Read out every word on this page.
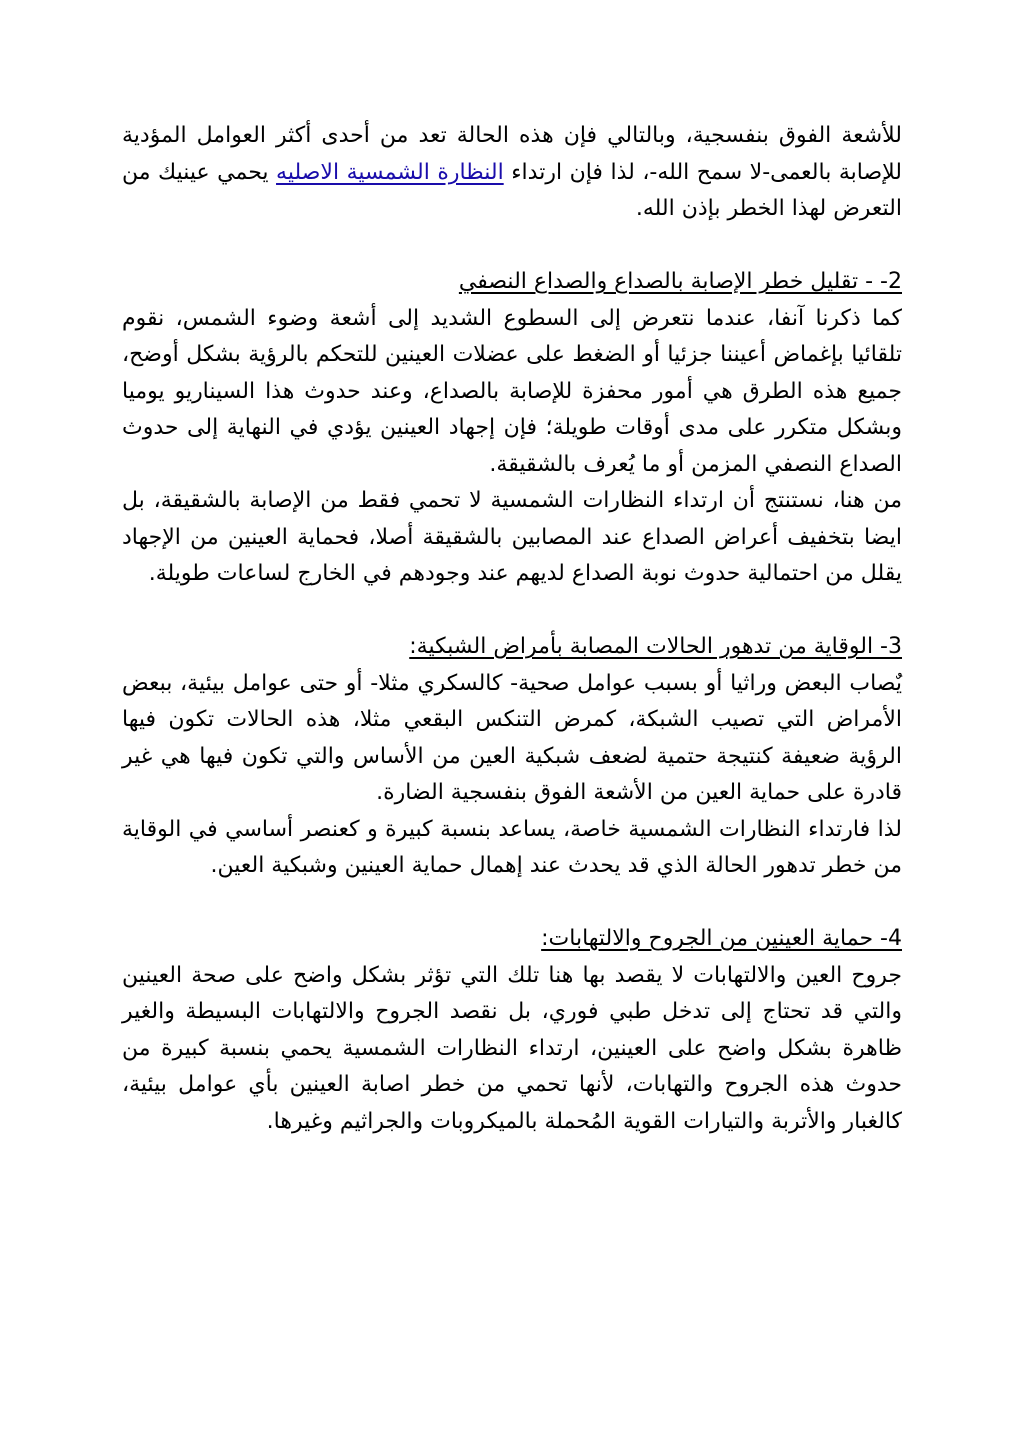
للأشعة الفوق بنفسجية، وبالتالي فإن هذه الحالة تعد من أحدى أكثر العوامل المؤدية للإصابة بالعمى-لا سمح الله-، لذا فإن ارتداء النظارة الشمسية الاصليه يحمي عينيك من التعرض لهذا الخطر بإذن الله.

2- - تقليل خطر الإصابة بالصداع والصداع النصفي

كما ذكرنا آنفا، عندما نتعرض إلى السطوع الشديد إلى أشعة وضوء الشمس، نقوم تلقائيا بإغماض أعيننا جزئيا أو الضغط على عضلات العينين للتحكم بالرؤية بشكل أوضح، جميع هذه الطرق هي أمور محفزة للإصابة بالصداع، وعند حدوث هذا السيناريو يوميا وبشكل متكرر على مدى أوقات طويلة؛ فإن إجهاد العينين يؤدي في النهاية إلى حدوث الصداع النصفي المزمن أو ما يُعرف بالشقيقة.

من هنا، نستنتج أن ارتداء النظارات الشمسية لا تحمي فقط من الإصابة بالشقيقة، بل ايضا بتخفيف أعراض الصداع عند المصابين بالشقيقة أصلا، فحماية العينين من الإجهاد يقلل من احتمالية حدوث نوبة الصداع لديهم عند وجودهم في الخارج لساعات طويلة.

3- الوقاية من تدهور الحالات المصابة بأمراض الشبكية:

يٌصاب البعض وراثيا أو بسبب عوامل صحية- كالسكري مثلا- أو حتى عوامل بيئية، ببعض الأمراض التي تصيب الشبكة، كمرض التنكس البقعي مثلا، هذه الحالات تكون فيها الرؤية ضعيفة كنتيجة حتمية لضعف شبكية العين من الأساس والتي تكون فيها هي غير قادرة على حماية العين من الأشعة الفوق بنفسجية الضارة.

لذا فارتداء النظارات الشمسية خاصة، يساعد بنسبة كبيرة و كعنصر أساسي في الوقاية من خطر تدهور الحالة الذي قد يحدث عند إهمال حماية العينين وشبكية العين.

4- حماية العينين من الجروح والالتهابات:

جروح العين والالتهابات لا يقصد بها هنا تلك التي تؤثر بشكل واضح على صحة العينين والتي قد تحتاج إلى تدخل طبي فوري، بل نقصد الجروح والالتهابات البسيطة والغير ظاهرة بشكل واضح على العينين، ارتداء النظارات الشمسية يحمي بنسبة كبيرة من حدوث هذه الجروح والتهابات، لأنها تحمي من خطر اصابة العينين بأي عوامل بيئية، كالغبار والأتربة والتيارات القوية المُحملة بالميكروبات والجراثيم وغيرها.
